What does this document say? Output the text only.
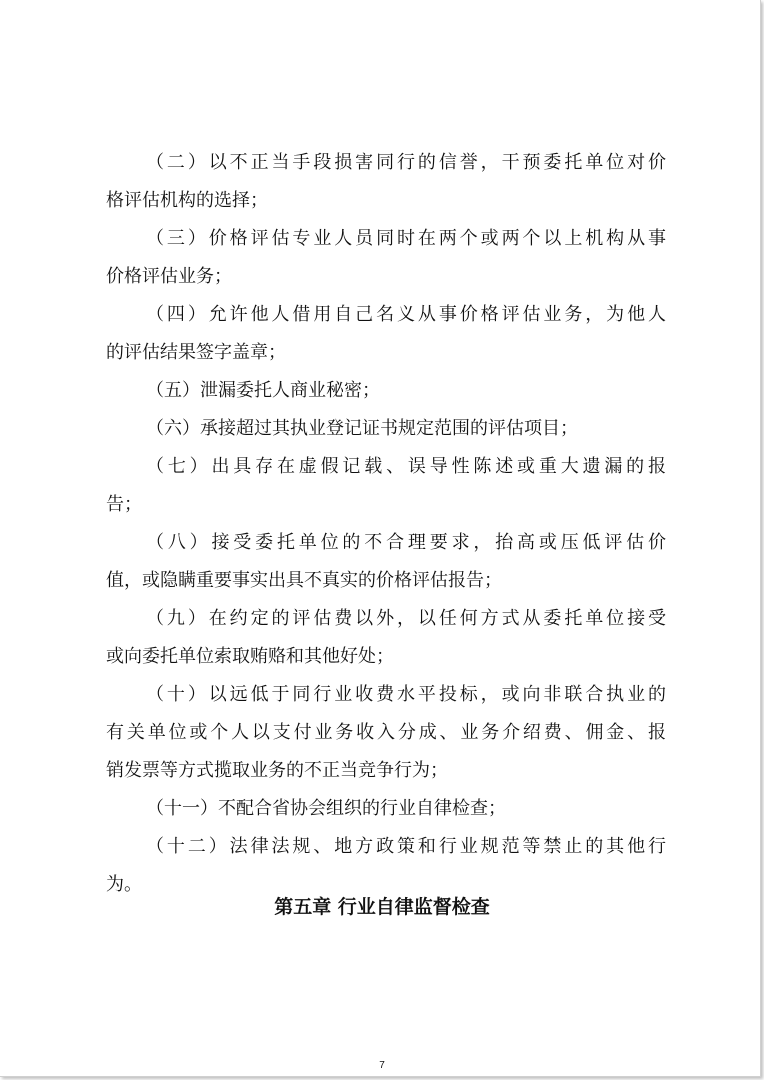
（二）以不正当手段损害同行的信誉，干预委托单位对价
格评估机构的选择；
（三）价格评估专业人员同时在两个或两个以上机构从事
价格评估业务；
（四）允许他人借用自己名义从事价格评估业务，为他人
的评估结果签字盖章；
（五）泄漏委托人商业秘密；
（六）承接超过其执业登记证书规定范围的评估项目；
（七）出具存在虚假记载、误导性陈述或重大遗漏的报
告；
（八）接受委托单位的不合理要求，抬高或压低评估价
值，或隐瞒重要事实出具不真实的价格评估报告；
（九）在约定的评估费以外，以任何方式从委托单位接受
或向委托单位索取贿赂和其他好处；
（十）以远低于同行业收费水平投标，或向非联合执业的
有关单位或个人以支付业务收入分成、业务介绍费、佣金、报
销发票等方式揽取业务的不正当竞争行为；
（十一）不配合省协会组织的行业自律检查；
（十二）法律法规、地方政策和行业规范等禁止的其他行
为。
第五章 行业自律监督检查
7
